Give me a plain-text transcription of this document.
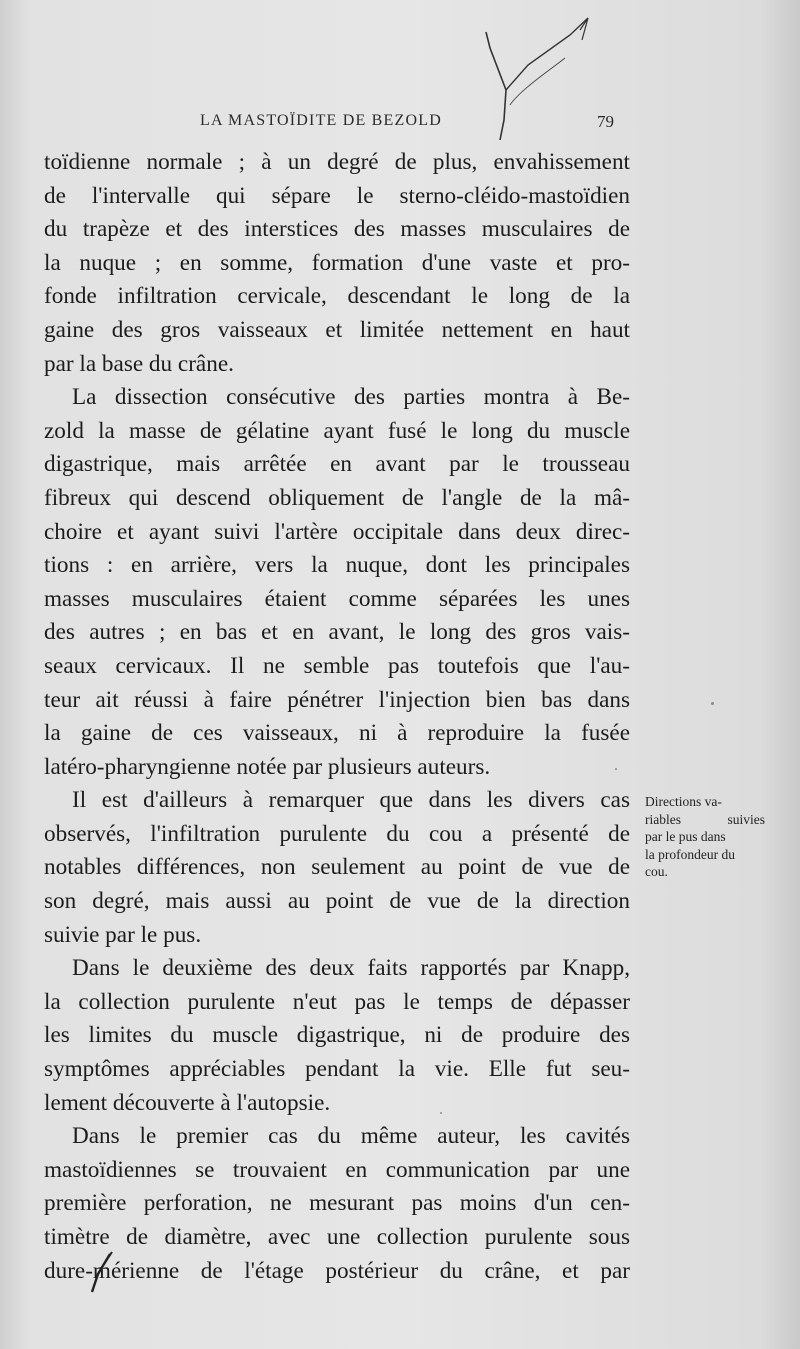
LA MASTOÏDITE DE BEZOLD	79
toïdienne normale ; à un degré de plus, envahissement
de l'intervalle qui sépare le sterno-cléido-mastoïdien
du trapèze et des interstices des masses musculaires de
la nuque ; en somme, formation d'une vaste et pro-
fonde infiltration cervicale, descendant le long de la
gaine des gros vaisseaux et limitée nettement en haut
par la base du crâne.
La dissection consécutive des parties montra à Be-
zold la masse de gélatine ayant fusé le long du muscle
digastrique, mais arrêtée en avant par le trousseau
fibreux qui descend obliquement de l'angle de la mâ-
choire et ayant suivi l'artère occipitale dans deux direc-
tions : en arrière, vers la nuque, dont les principales
masses musculaires étaient comme séparées les unes
des autres ; en bas et en avant, le long des gros vais-
seaux cervicaux. Il ne semble pas toutefois que l'au-
teur ait réussi à faire pénétrer l'injection bien bas dans
la gaine de ces vaisseaux, ni à reproduire la fusée
latéro-pharyngienne notée par plusieurs auteurs.
Il est d'ailleurs à remarquer que dans les divers cas
observés, l'infiltration purulente du cou a présenté de
notables différences, non seulement au point de vue de
son degré, mais aussi au point de vue de la direction
suivie par le pus.
Dans le deuxième des deux faits rapportés par Knapp,
la collection purulente n'eut pas le temps de dépasser
les limites du muscle digastrique, ni de produire des
symptômes appréciables pendant la vie. Elle fut seu-
lement découverte à l'autopsie.
Dans le premier cas du même auteur, les cavités
mastoïdiennes se trouvaient en communication par une
première perforation, ne mesurant pas moins d'un cen-
timètre de diamètre, avec une collection purulente sous
dure-mérienne de l'étage postérieur du crâne, et par
Directions va-
riables suivies
par le pus dans
la profondeur du
cou.
